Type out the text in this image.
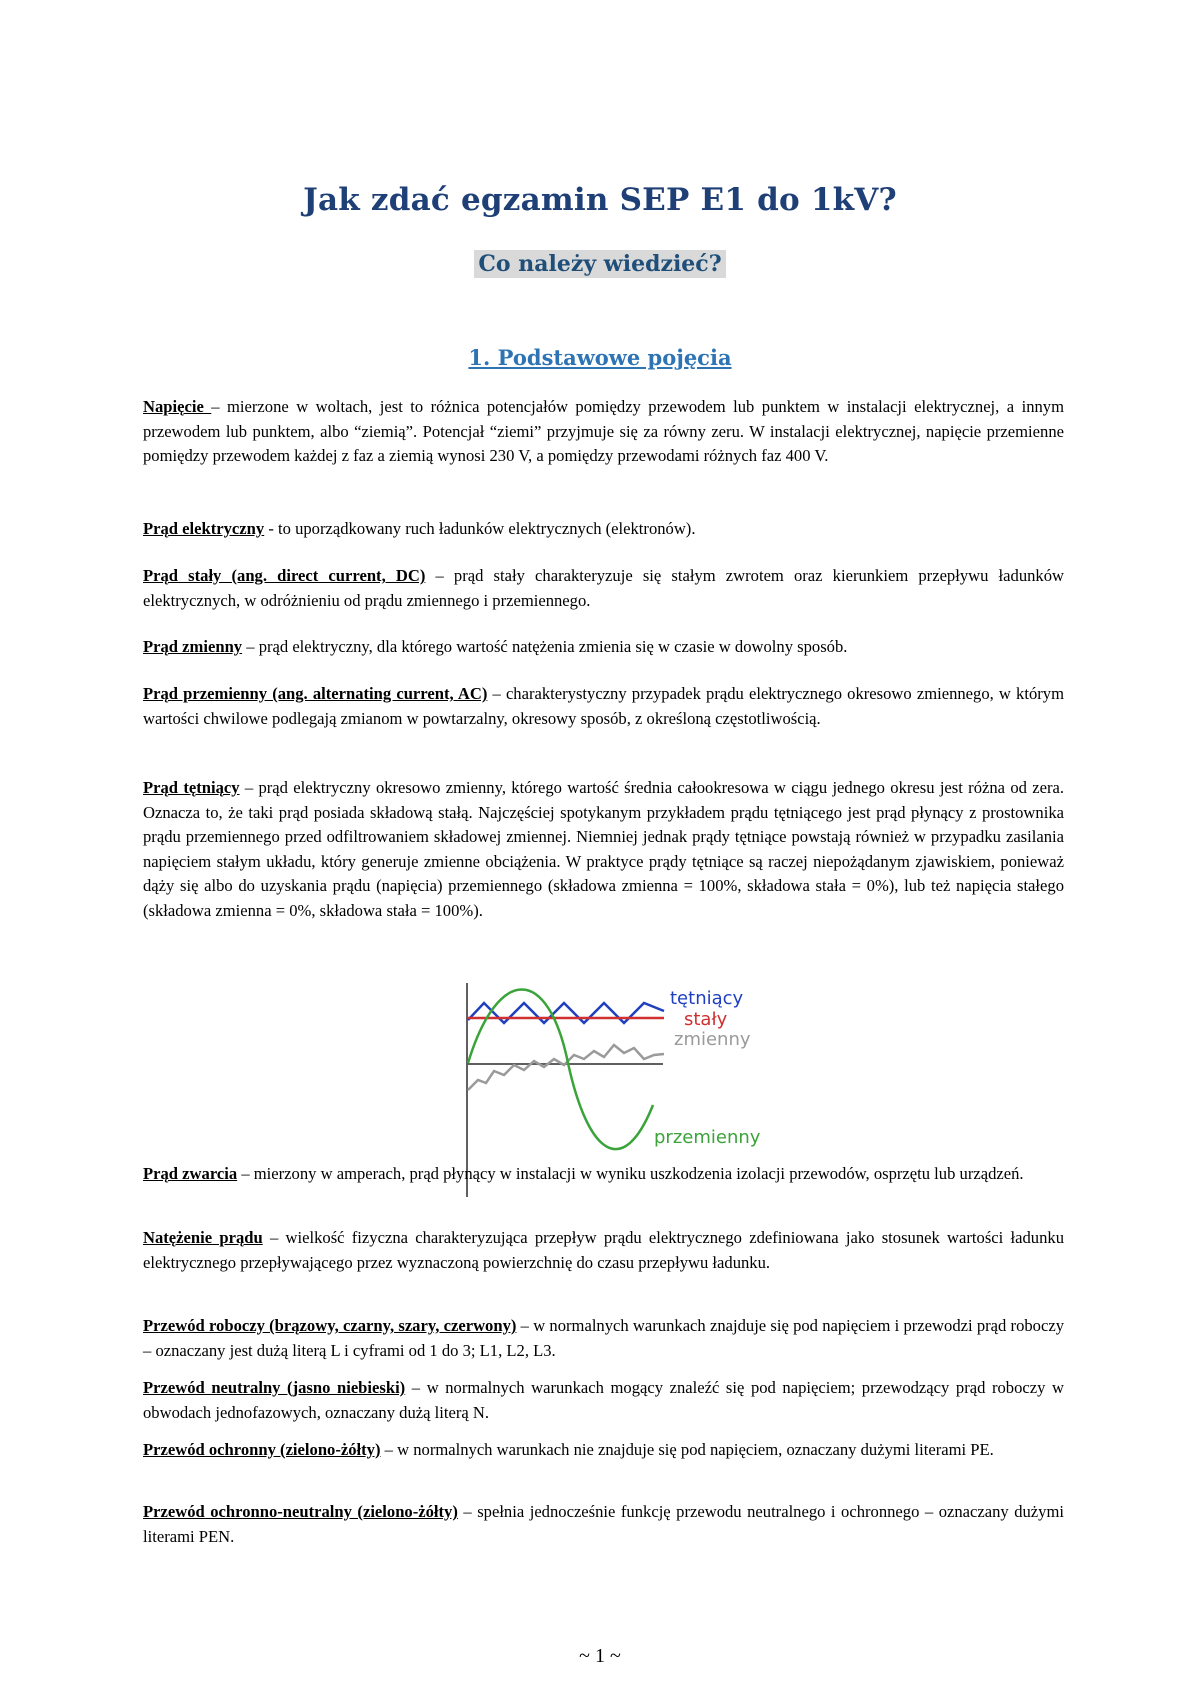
Jak zdać egzamin SEP E1 do 1kV?
Co należy wiedzieć?
1. Podstawowe pojęcia
Napięcie – mierzone w woltach, jest to różnica potencjałów pomiędzy przewodem lub punktem w instalacji elektrycznej, a innym przewodem lub punktem, albo “ziemią”. Potencjał “ziemi” przyjmuje się za równy zeru. W instalacji elektrycznej, napięcie przemienne pomiędzy przewodem każdej z faz a ziemią wynosi 230 V, a pomiędzy przewodami różnych faz 400 V.
Prąd elektryczny - to uporządkowany ruch ładunków elektrycznych (elektronów).
Prąd stały (ang. direct current, DC) – prąd stały charakteryzuje się stałym zwrotem oraz kierunkiem przepływu ładunków elektrycznych, w odróżnieniu od prądu zmiennego i przemiennego.
Prąd zmienny – prąd elektryczny, dla którego wartość natężenia zmienia się w czasie w dowolny sposób.
Prąd przemienny (ang. alternating current, AC) – charakterystyczny przypadek prądu elektrycznego okresowo zmiennego, w którym wartości chwilowe podlegają zmianom w powtarzalny, okresowy sposób, z określoną częstotliwością.
Prąd tętniący – prąd elektryczny okresowo zmienny, którego wartość średnia całookresowa w ciągu jednego okresu jest różna od zera. Oznacza to, że taki prąd posiada składową stałą. Najczęściej spotykanym przykładem prądu tętniącego jest prąd płynący z prostownika prądu przemiennego przed odfiltrowaniem składowej zmiennej. Niemniej jednak prądy tętniące powstają również w przypadku zasilania napięciem stałym układu, który generuje zmienne obciążenia. W praktyce prądy tętniące są raczej niepożądanym zjawiskiem, ponieważ dąży się albo do uzyskania prądu (napięcia) przemiennego (składowa zmienna = 100%, składowa stała = 0%), lub też napięcia stałego (składowa zmienna = 0%, składowa stała = 100%).
tętniący
stały
zmienny
przemienny
Prąd zwarcia – mierzony w amperach, prąd płynący w instalacji w wyniku uszkodzenia izolacji przewodów, osprzętu lub urządzeń.
Natężenie prądu – wielkość fizyczna charakteryzująca przepływ prądu elektrycznego zdefiniowana jako stosunek wartości ładunku elektrycznego przepływającego przez wyznaczoną powierzchnię do czasu przepływu ładunku.
Przewód roboczy (brązowy, czarny, szary, czerwony) – w normalnych warunkach znajduje się pod napięciem i przewodzi prąd roboczy – oznaczany jest dużą literą L i cyframi od 1 do 3; L1, L2, L3.
Przewód neutralny (jasno niebieski) – w normalnych warunkach mogący znaleźć się pod napięciem; przewodzący prąd roboczy w obwodach jednofazowych, oznaczany dużą literą N.
Przewód ochronny (zielono-żółty) – w normalnych warunkach nie znajduje się pod napięciem, oznaczany dużymi literami PE.
Przewód ochronno-neutralny (zielono-żółty) – spełnia jednocześnie funkcję przewodu neutralnego i ochronnego – oznaczany dużymi literami PEN.
~ 1 ~
